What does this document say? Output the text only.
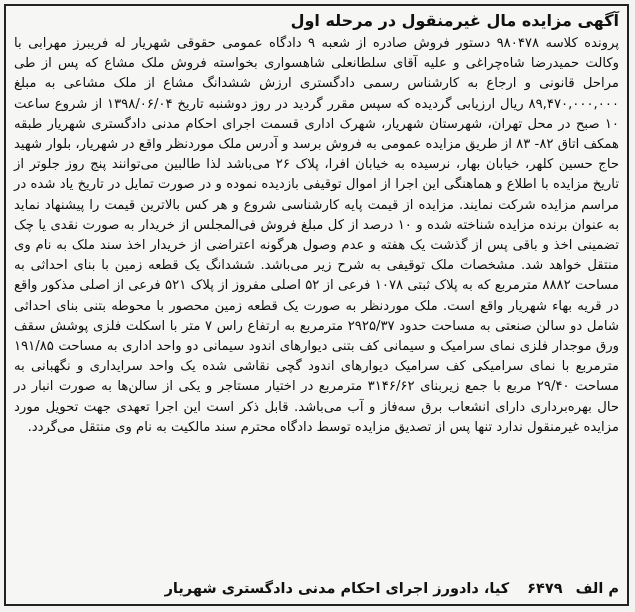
آگهی مزایده مال غیرمنقول در مرحله اول

پرونده کلاسه ۹۸۰۴۷۸ دستور فروش صادره از شعبه ۹ دادگاه عمومی حقوقی شهریار له فریبرز مهرابی با وکالت حمیدرضا شاه‌چراغی و علیه آقای سلطانعلی شاهسواری بخواسته فروش ملک مشاع که پس از طی مراحل قانونی و ارجاع به کارشناس رسمی دادگستری ارزش ششدانگ مشاع از ملک مشاعی به مبلغ ۸۹,۴۷۰,۰۰۰,۰۰۰ ریال ارزیابی گردیده که سپس مقرر گردید در روز دوشنبه تاریخ ۱۳۹۸/۰۶/۰۴ از شروع ساعت ۱۰ صبح در محل تهران، شهرستان شهریار، شهرک اداری قسمت اجرای احکام مدنی دادگستری شهریار طبقه همکف اتاق ۸۲- ۸۳ از طریق مزایده عمومی به فروش برسد و آدرس ملک موردنظر واقع در شهریار، بلوار شهید حاج حسین کلهر، خیابان بهار، نرسیده به خیابان افرا، پلاک ۲۶ می‌باشد لذا طالبین می‌توانند پنج روز جلوتر از تاریخ مزایده با اطلاع و هماهنگی این اجرا از اموال توقیفی بازدیده نموده و در صورت تمایل در تاریخ یاد شده در مراسم مزایده شرکت نمایند. مزایده از قیمت پایه کارشناسی شروع و هر کس بالاترین قیمت را پیشنهاد نماید به عنوان برنده مزایده شناخته شده و ۱۰ درصد از کل مبلغ فروش فی‌المجلس از خریدار به صورت نقدی یا چک تضمینی اخذ و باقی پس از گذشت یک هفته و عدم وصول هرگونه اعتراضی از خریدار اخذ سند ملک به نام وی منتقل خواهد شد. مشخصات ملک توقیفی به شرح زیر می‌باشد. ششدانگ یک قطعه زمین با بنای احداثی به مساحت ۸۸۸۲ مترمربع که به پلاک ثبتی ۱۰۷۸ فرعی از ۵۲ اصلی مفروز از پلاک ۵۲۱ فرعی از اصلی مذکور واقع در قریه بهاء شهریار واقع است. ملک موردنظر به صورت یک قطعه زمین محصور با محوطه بتنی بنای احداثی شامل دو سالن صنعتی به مساحت حدود ۲۹۲۵/۳۷ مترمربع به ارتفاع راس ۷ متر با اسکلت فلزی پوشش سقف ورق موجدار فلزی نمای سرامیک و سیمانی کف بتنی دیوارهای اندود سیمانی دو واحد اداری به مساحت ۱۹۱/۸۵ مترمربع با نمای سرامیکی کف سرامیک دیوارهای اندود گچی نقاشی شده یک واحد سرایداری و نگهبانی به مساحت ۲۹/۴۰ مربع با جمع زیربنای ۳۱۴۶/۶۲ مترمربع در اختیار مستاجر و یکی از سالن‌ها به صورت انبار در حال بهره‌برداری دارای انشعاب برق سه‌فاز و آب می‌باشد. قابل ذکر است این اجرا تعهدی جهت تحویل مورد مزایده غیرمنقول ندارد تنها پس از تصدیق مزایده توسط دادگاه محترم سند مالکیت به نام وی منتقل می‌گردد.

م الف ۶۴۷۹
کیا، دادورز اجرای احکام مدنی دادگستری شهریار
